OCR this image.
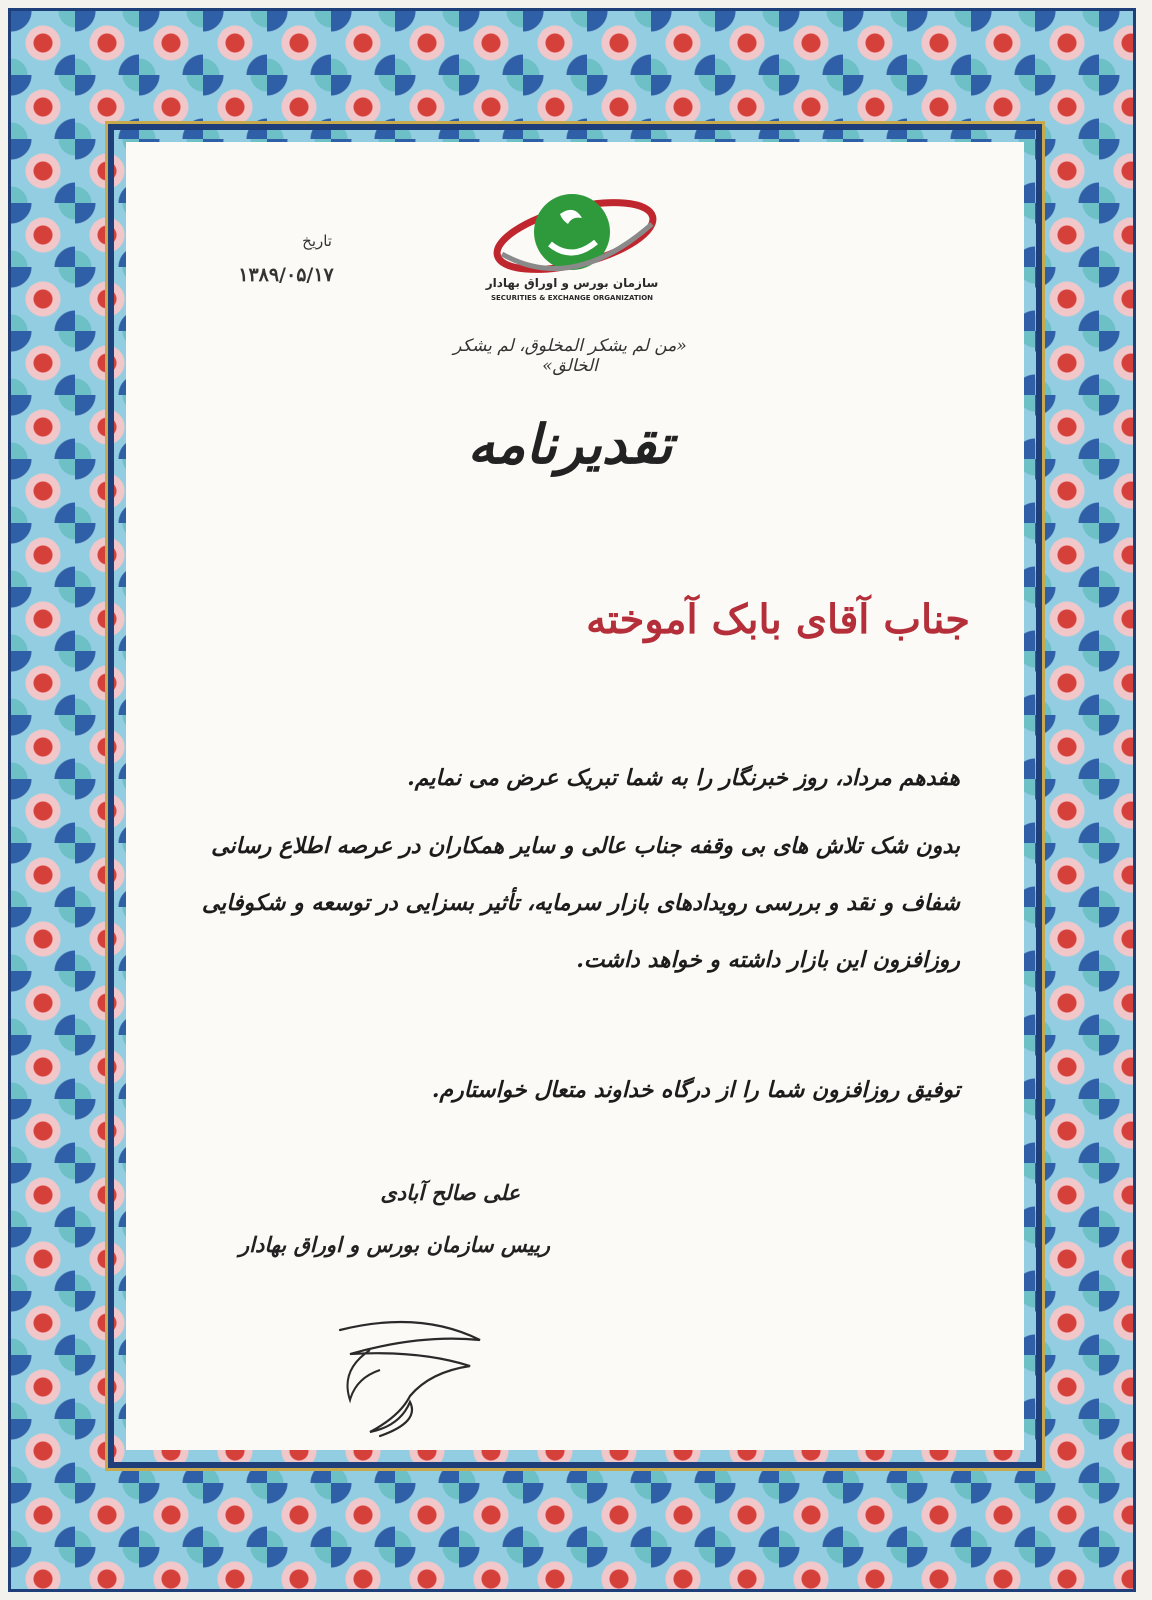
سازمان بورس و اوراق بهادار
SECURITIES & EXCHANGE ORGANIZATION
تاریخ
۱۳۸۹/۰۵/۱۷
«من لم یشکر المخلوق، لم یشکر الخالق»
تقدیرنامه
جناب آقای بابک آموخته
هفدهم مرداد، روز خبرنگار را به شما تبریک عرض می نمایم.
بدون شک تلاش های بی وقفه جناب عالی و سایر همکاران در عرصه اطلاع رسانی شفاف و نقد و بررسی رویدادهای بازار سرمایه، تأثیر بسزایی در توسعه و شکوفایی روزافزون این بازار داشته و خواهد داشت.
توفیق روزافزون شما را از درگاه خداوند متعال خواستارم.
علی صالح آبادی
رییس سازمان بورس و اوراق بهادار
